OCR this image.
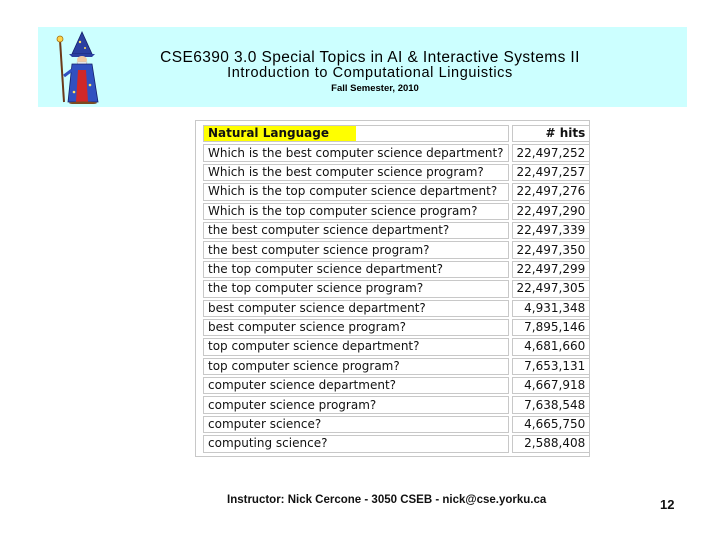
CSE6390 3.0 Special Topics in AI & Interactive Systems II
Introduction to Computational Linguistics
Fall Semester, 2010
Natural Language	# hits
Which is the best computer science department?	22,497,252
Which is the best computer science program?	22,497,257
Which is the top computer science department?	22,497,276
Which is the top computer science program?	22,497,290
the best computer science department?	22,497,339
the best computer science program?	22,497,350
the top computer science department?	22,497,299
the top computer science program?	22,497,305
best computer science department?	4,931,348
best computer science program?	7,895,146
top computer science department?	4,681,660
top computer science program?	7,653,131
computer science department?	4,667,918
computer science program?	7,638,548
computer science?	4,665,750
computing science?	2,588,408
Instructor: Nick Cercone - 3050 CSEB - nick@cse.yorku.ca	12
